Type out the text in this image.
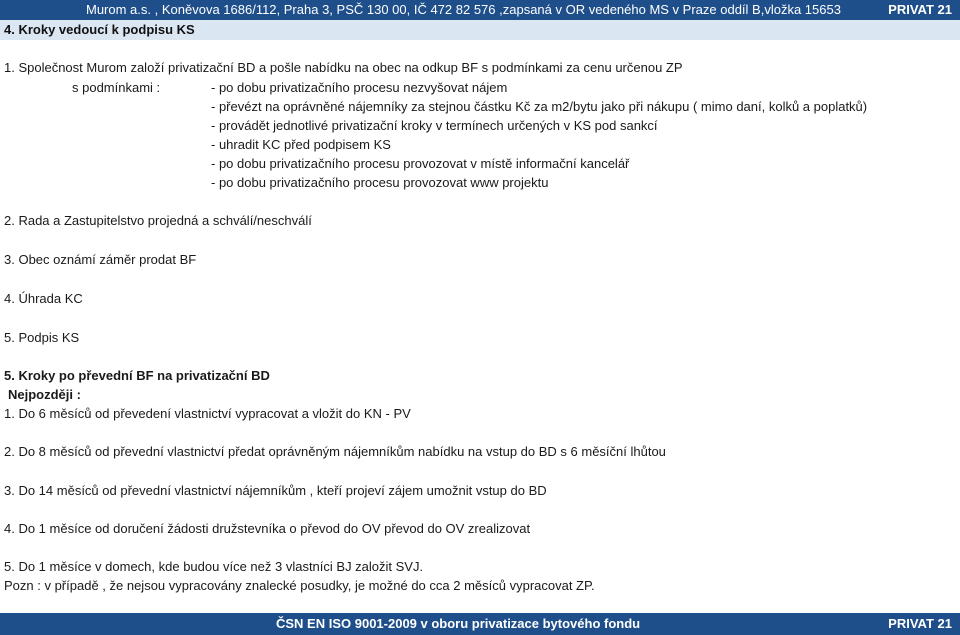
Murom a.s. , Koněvova 1686/112, Praha 3, PSČ 130 00, IČ 472 82 576 ,zapsaná v OR vedeného MS v Praze oddíl B,vložka 15653	PRIVAT 21
4. Kroky vedoucí k podpisu KS
1. Společnost Murom založí privatizační BD a pošle nabídku na obec na odkup BF s podmínkami za cenu určenou ZP
s podmínkami :	- po dobu privatizačního procesu nezvyšovat nájem
- převézt na oprávněné nájemníky za stejnou částku Kč za m2/bytu jako při nákupu ( mimo daní, kolků a poplatků)
- provádět jednotlivé privatizační kroky v termínech určených v KS pod sankcí
- uhradit KC před podpisem KS
- po dobu privatizačního procesu provozovat v místě informační kancelář
- po dobu privatizačního procesu provozovat www projektu
2. Rada a Zastupitelstvo projedná a schválí/neschválí
3. Obec oznámí záměr prodat BF
4. Úhrada KC
5. Podpis KS
5. Kroky po převední BF na privatizační BD
Nejpozději :
1. Do 6 měsíců od převedení vlastnictví vypracovat a vložit do KN - PV
2. Do 8 měsíců od převední vlastnictví předat oprávněným nájemníkům nabídku na vstup do BD s 6 měsíční lhůtou
3. Do 14 měsíců od převední vlastnictví nájemníkům , kteří projeví zájem umožnit vstup do BD
4. Do 1 měsíce od doručení žádosti družstevníka o převod do OV převod do OV zrealizovat
5. Do 1 měsíce v domech, kde budou více než 3 vlastníci BJ založit SVJ.
Pozn : v případě , že nejsou vypracovány znalecké posudky, je možné do cca 2 měsíců vypracovat ZP.
ČSN EN ISO 9001-2009 v oboru privatizace bytového fondu	PRIVAT 21
